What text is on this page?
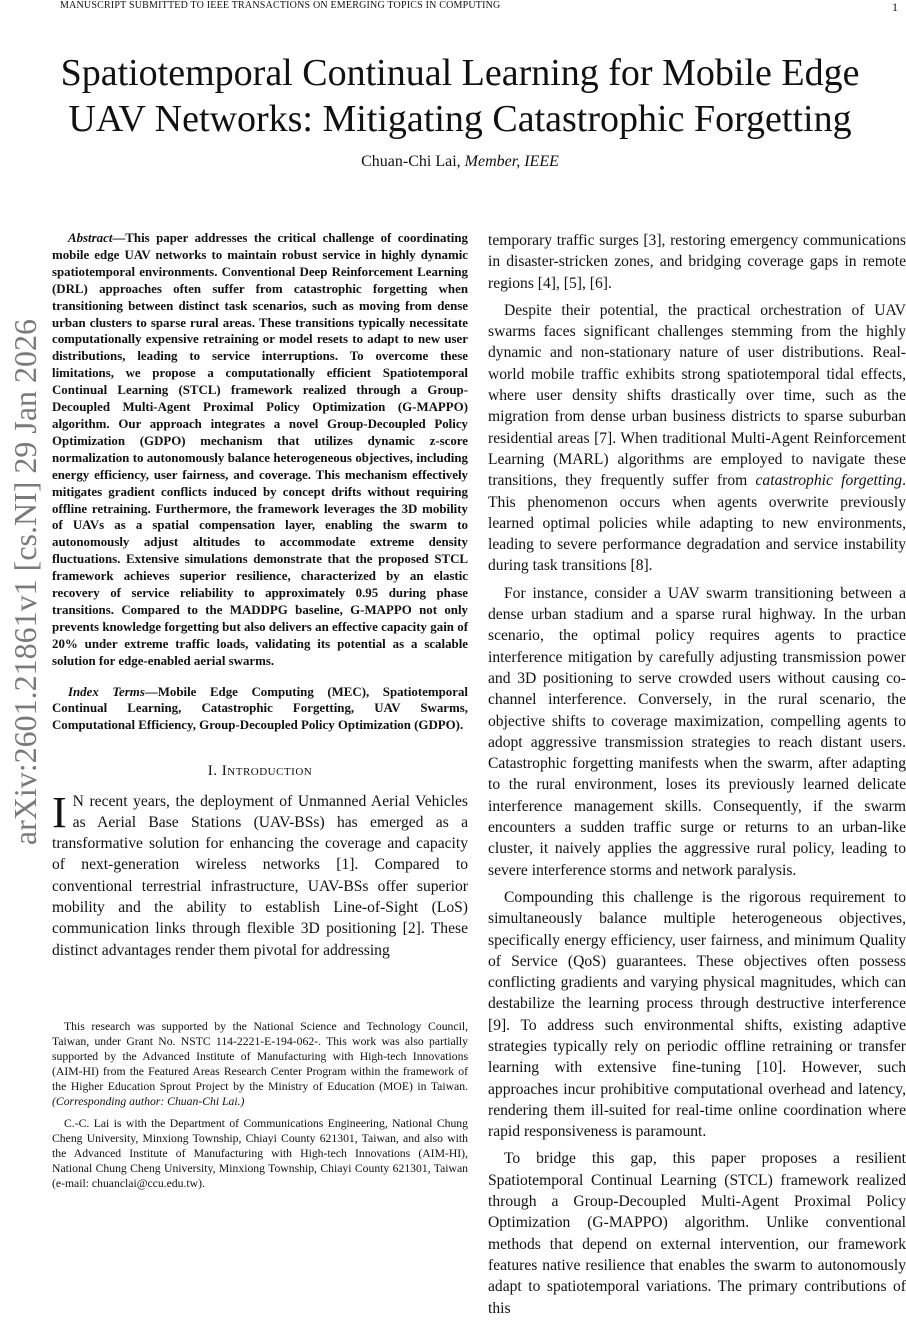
MANUSCRIPT SUBMITTED TO IEEE TRANSACTIONS ON EMERGING TOPICS IN COMPUTING	1
arXiv:2601.21861v1 [cs.NI] 29 Jan 2026
Spatiotemporal Continual Learning for Mobile Edge
UAV Networks: Mitigating Catastrophic Forgetting
Chuan-Chi Lai, Member, IEEE

Abstract—This paper addresses the critical challenge of coordinating mobile edge UAV networks to maintain robust service in highly dynamic spatiotemporal environments. Conventional Deep Reinforcement Learning (DRL) approaches often suffer from catastrophic forgetting when transitioning between distinct task scenarios, such as moving from dense urban clusters to sparse rural areas. These transitions typically necessitate computationally expensive retraining or model resets to adapt to new user distributions, leading to service interruptions. To overcome these limitations, we propose a computationally efficient Spatiotemporal Continual Learning (STCL) framework realized through a Group-Decoupled Multi-Agent Proximal Policy Optimization (G-MAPPO) algorithm. Our approach integrates a novel Group-Decoupled Policy Optimization (GDPO) mechanism that utilizes dynamic z-score normalization to autonomously balance heterogeneous objectives, including energy efficiency, user fairness, and coverage. This mechanism effectively mitigates gradient conflicts induced by concept drifts without requiring offline retraining. Furthermore, the framework leverages the 3D mobility of UAVs as a spatial compensation layer, enabling the swarm to autonomously adjust altitudes to accommodate extreme density fluctuations. Extensive simulations demonstrate that the proposed STCL framework achieves superior resilience, characterized by an elastic recovery of service reliability to approximately 0.95 during phase transitions. Compared to the MADDPG baseline, G-MAPPO not only prevents knowledge forgetting but also delivers an effective capacity gain of 20% under extreme traffic loads, validating its potential as a scalable solution for edge-enabled aerial swarms.

Index Terms—Mobile Edge Computing (MEC), Spatiotemporal Continual Learning, Catastrophic Forgetting, UAV Swarms, Computational Efficiency, Group-Decoupled Policy Optimization (GDPO).

I. Introduction

I N recent years, the deployment of Unmanned Aerial Vehicles as Aerial Base Stations (UAV-BSs) has emerged as a transformative solution for enhancing the coverage and capacity of next-generation wireless networks [1]. Compared to conventional terrestrial infrastructure, UAV-BSs offer superior mobility and the ability to establish Line-of-Sight (LoS) communication links through flexible 3D positioning [2]. These distinct advantages render them pivotal for addressing

This research was supported by the National Science and Technology Council, Taiwan, under Grant No. NSTC 114-2221-E-194-062-. This work was also partially supported by the Advanced Institute of Manufacturing with High-tech Innovations (AIM-HI) from the Featured Areas Research Center Program within the framework of the Higher Education Sprout Project by the Ministry of Education (MOE) in Taiwan. (Corresponding author: Chuan-Chi Lai.)

C.-C. Lai is with the Department of Communications Engineering, National Chung Cheng University, Minxiong Township, Chiayi County 621301, Taiwan, and also with the Advanced Institute of Manufacturing with High-tech Innovations (AIM-HI), National Chung Cheng University, Minxiong Township, Chiayi County 621301, Taiwan (e-mail: chuanclai@ccu.edu.tw).

temporary traffic surges [3], restoring emergency communications in disaster-stricken zones, and bridging coverage gaps in remote regions [4], [5], [6].

Despite their potential, the practical orchestration of UAV swarms faces significant challenges stemming from the highly dynamic and non-stationary nature of user distributions. Real-world mobile traffic exhibits strong spatiotemporal tidal effects, where user density shifts drastically over time, such as the migration from dense urban business districts to sparse suburban residential areas [7]. When traditional Multi-Agent Reinforcement Learning (MARL) algorithms are employed to navigate these transitions, they frequently suffer from catastrophic forgetting. This phenomenon occurs when agents overwrite previously learned optimal policies while adapting to new environments, leading to severe performance degradation and service instability during task transitions [8].

For instance, consider a UAV swarm transitioning between a dense urban stadium and a sparse rural highway. In the urban scenario, the optimal policy requires agents to practice interference mitigation by carefully adjusting transmission power and 3D positioning to serve crowded users without causing co-channel interference. Conversely, in the rural scenario, the objective shifts to coverage maximization, compelling agents to adopt aggressive transmission strategies to reach distant users. Catastrophic forgetting manifests when the swarm, after adapting to the rural environment, loses its previously learned delicate interference management skills. Consequently, if the swarm encounters a sudden traffic surge or returns to an urban-like cluster, it naively applies the aggressive rural policy, leading to severe interference storms and network paralysis.

Compounding this challenge is the rigorous requirement to simultaneously balance multiple heterogeneous objectives, specifically energy efficiency, user fairness, and minimum Quality of Service (QoS) guarantees. These objectives often possess conflicting gradients and varying physical magnitudes, which can destabilize the learning process through destructive interference [9]. To address such environmental shifts, existing adaptive strategies typically rely on periodic offline retraining or transfer learning with extensive fine-tuning [10]. However, such approaches incur prohibitive computational overhead and latency, rendering them ill-suited for real-time online coordination where rapid responsiveness is paramount.

To bridge this gap, this paper proposes a resilient Spatiotemporal Continual Learning (STCL) framework realized through a Group-Decoupled Multi-Agent Proximal Policy Optimization (G-MAPPO) algorithm. Unlike conventional methods that depend on external intervention, our framework features native resilience that enables the swarm to autonomously adapt to spatiotemporal variations. The primary contributions of this
